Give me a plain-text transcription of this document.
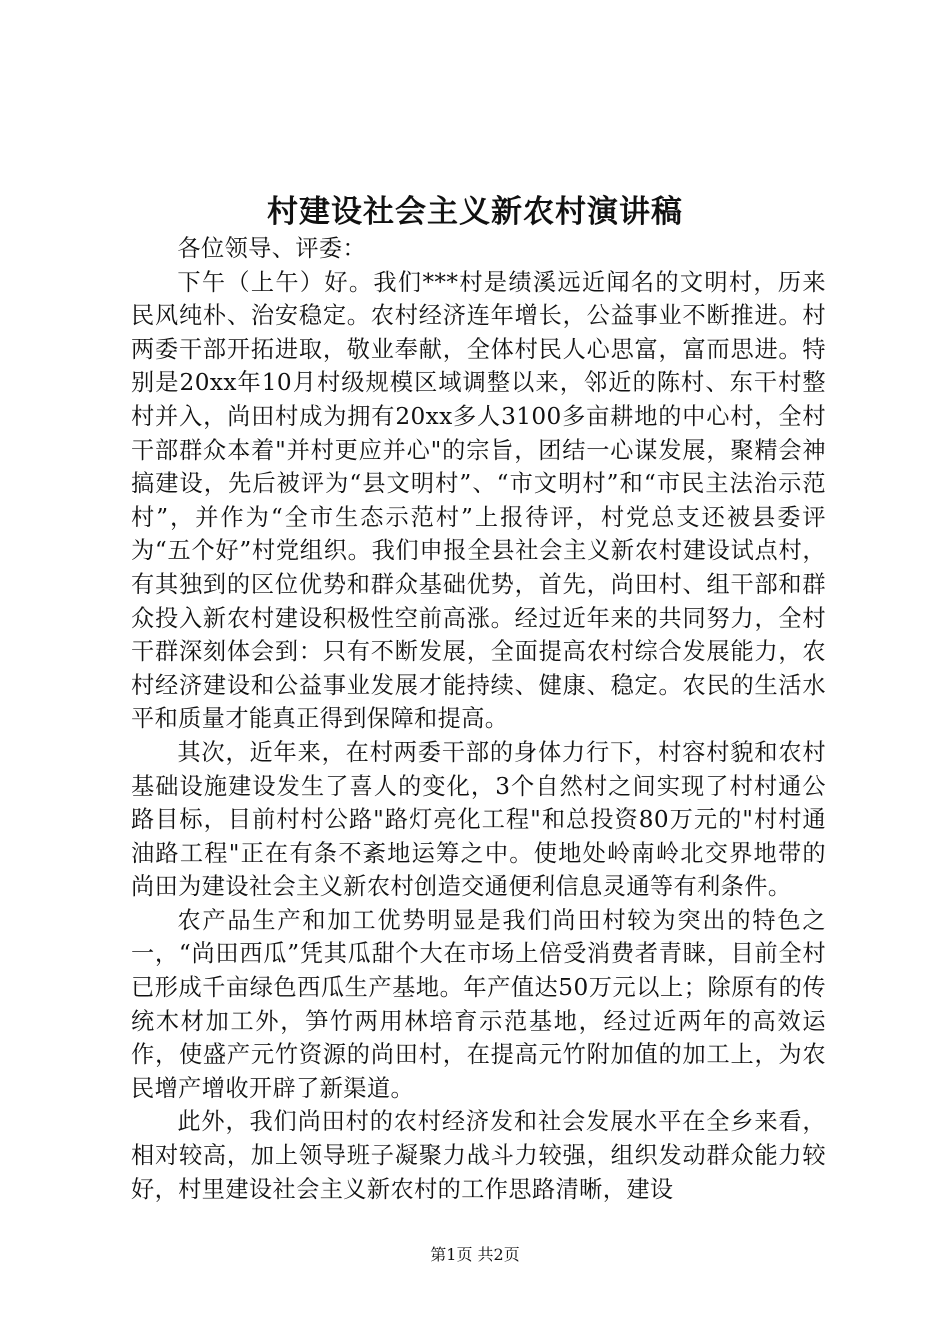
村建设社会主义新农村演讲稿

各位领导、评委：

下午（上午）好。我们***村是绩溪远近闻名的文明村，历来民风纯朴、治安稳定。农村经济连年增长，公益事业不断推进。村两委干部开拓进取，敬业奉献，全体村民人心思富，富而思进。特别是20xx年10月村级规模区域调整以来，邻近的陈村、东干村整村并入，尚田村成为拥有20xx多人3100多亩耕地的中心村，全村干部群众本着"并村更应并心"的宗旨，团结一心谋发展，聚精会神搞建设，先后被评为“县文明村”、“市文明村”和“市民主法治示范村”，并作为“全市生态示范村”上报待评，村党总支还被县委评为“五个好”村党组织。我们申报全县社会主义新农村建设试点村，有其独到的区位优势和群众基础优势，首先，尚田村、组干部和群众投入新农村建设积极性空前高涨。经过近年来的共同努力，全村干群深刻体会到：只有不断发展，全面提高农村综合发展能力，农村经济建设和公益事业发展才能持续、健康、稳定。农民的生活水平和质量才能真正得到保障和提高。

其次，近年来，在村两委干部的身体力行下，村容村貌和农村基础设施建设发生了喜人的变化，3个自然村之间实现了村村通公路目标，目前村村公路"路灯亮化工程"和总投资80万元的"村村通油路工程"正在有条不紊地运筹之中。使地处岭南岭北交界地带的尚田为建设社会主义新农村创造交通便利信息灵通等有利条件。

农产品生产和加工优势明显是我们尚田村较为突出的特色之一，“尚田西瓜”凭其瓜甜个大在市场上倍受消费者青睐，目前全村已形成千亩绿色西瓜生产基地。年产值达50万元以上；除原有的传统木材加工外，笋竹两用林培育示范基地，经过近两年的高效运作，使盛产元竹资源的尚田村，在提高元竹附加值的加工上，为农民增产增收开辟了新渠道。

此外，我们尚田村的农村经济发和社会发展水平在全乡来看，相对较高，加上领导班子凝聚力战斗力较强，组织发动群众能力较好，村里建设社会主义新农村的工作思路清晰，建设

第1页 共2页
